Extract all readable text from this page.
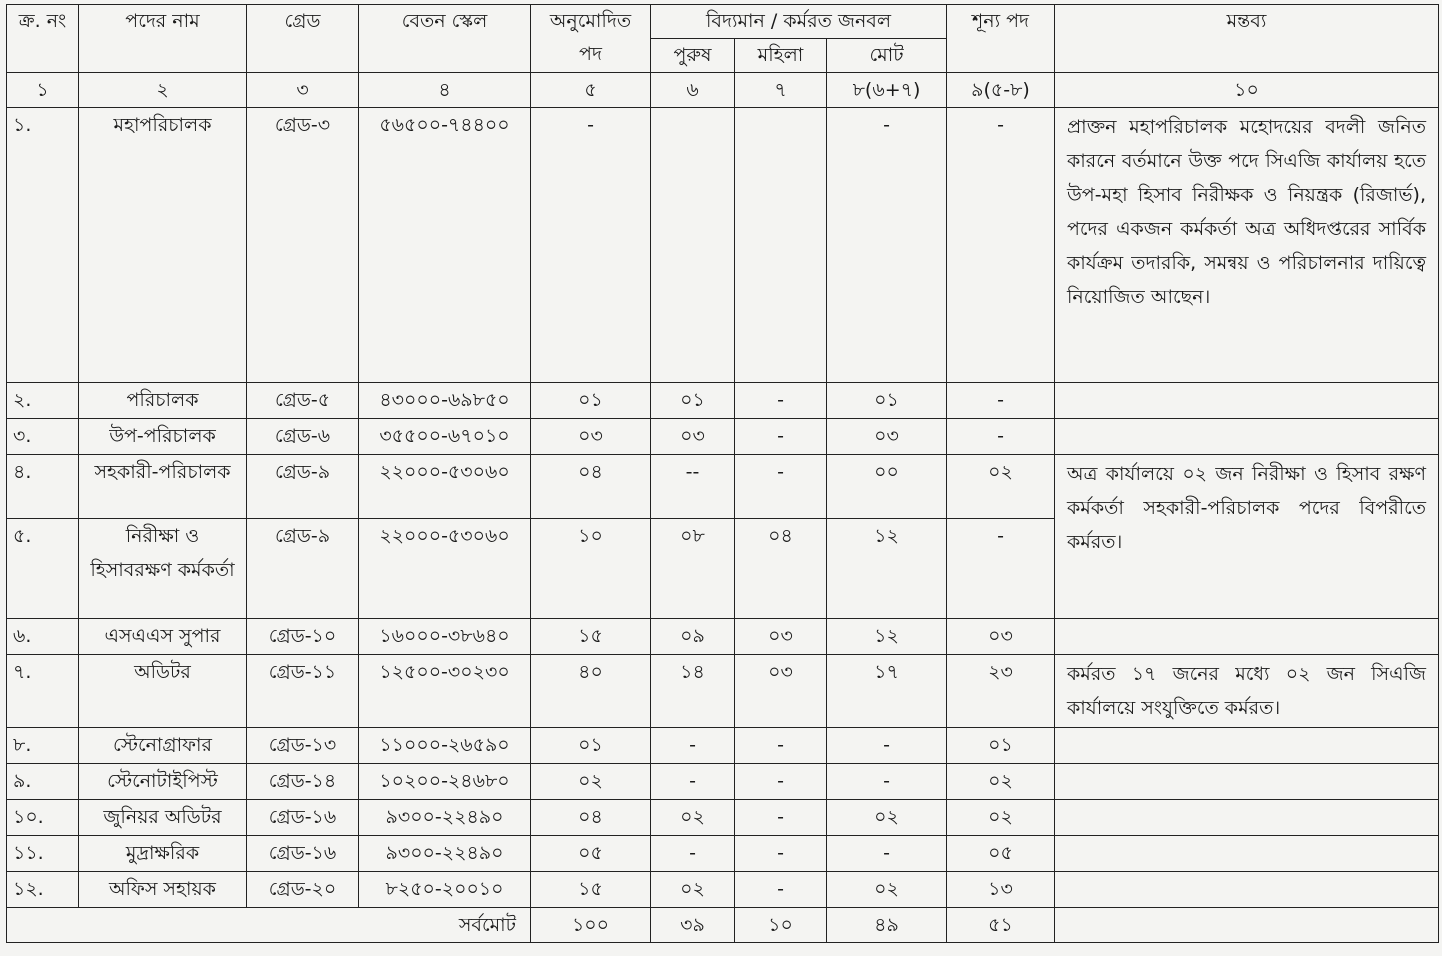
ক্র. নং	পদের নাম	গ্রেড	বেতন স্কেল	অনুমোদিত পদ	বিদ্যমান / কর্মরত জনবল			শূন্য পদ	মন্তব্য
					পুরুষ	মহিলা	মোট		
১	২	৩	৪	৫	৬	৭	৮(৬+৭)	৯(৫-৮)	১০
১.	মহাপরিচালক	গ্রেড-৩	৫৬৫০০-৭৪৪০০	-			-	-	প্রাক্তন মহাপরিচালক মহোদয়ের বদলী জনিত কারনে বর্তমানে উক্ত পদে সিএজি কার্যালয় হতে উপ-মহা হিসাব নিরীক্ষক ও নিয়ন্ত্রক (রিজার্ভ), পদের একজন কর্মকর্তা অত্র অধিদপ্তরের সার্বিক কার্যক্রম তদারকি, সমন্বয় ও পরিচালনার দায়িত্বে নিয়োজিত আছেন।
২.	পরিচালক	গ্রেড-৫	৪৩০০০-৬৯৮৫০	০১	০১	-	০১	-	
৩.	উপ-পরিচালক	গ্রেড-৬	৩৫৫০০-৬৭০১০	০৩	০৩	-	০৩	-	
৪.	সহকারী-পরিচালক	গ্রেড-৯	২২০০০-৫৩০৬০	০৪	--	-	০০	০২	অত্র কার্যালয়ে ০২ জন নিরীক্ষা ও হিসাব রক্ষণ কর্মকর্তা সহকারী-পরিচালক পদের বিপরীতে কর্মরত।
৫.	নিরীক্ষা ও হিসাবরক্ষণ কর্মকর্তা	গ্রেড-৯	২২০০০-৫৩০৬০	১০	০৮	০৪	১২	-	
৬.	এসএএস সুপার	গ্রেড-১০	১৬০০০-৩৮৬৪০	১৫	০৯	০৩	১২	০৩	
৭.	অডিটর	গ্রেড-১১	১২৫০০-৩০২৩০	৪০	১৪	০৩	১৭	২৩	কর্মরত ১৭ জনের মধ্যে ০২ জন সিএজি কার্যালয়ে সংযুক্তিতে কর্মরত।
৮.	স্টেনোগ্রাফার	গ্রেড-১৩	১১০০০-২৬৫৯০	০১	-	-	-	০১	
৯.	স্টেনোটাইপিস্ট	গ্রেড-১৪	১০২০০-২৪৬৮০	০২	-	-	-	০২	
১০.	জুনিয়র অডিটর	গ্রেড-১৬	৯৩০০-২২৪৯০	০৪	০২	-	০২	০২	
১১.	মুদ্রাক্ষরিক	গ্রেড-১৬	৯৩০০-২২৪৯০	০৫	-	-	-	০৫	
১২.	অফিস সহায়ক	গ্রেড-২০	৮২৫০-২০০১০	১৫	০২	-	০২	১৩	
সর্বমোট				১০০	৩৯	১০	৪৯	৫১	
